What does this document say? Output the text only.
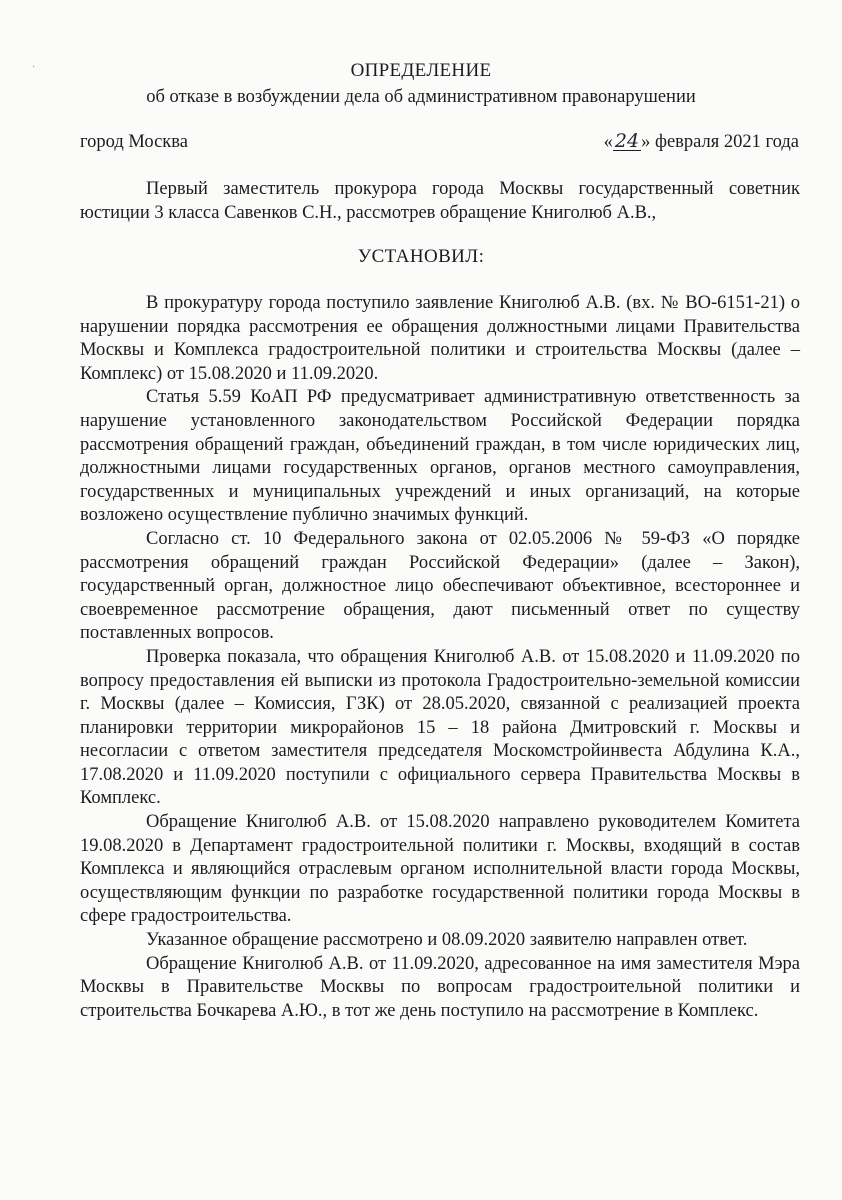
·	ОПРЕДЕЛЕНИЕ
об отказе в возбуждении дела об административном правонарушении
город Москва	« 24 » февраля 2021 года

Первый заместитель прокурора города Москвы государственный советник юстиции 3 класса Савенков С.Н., рассмотрев обращение Книголюб А.В.,

УСТАНОВИЛ:

В прокуратуру города поступило заявление Книголюб А.В. (вх. № ВО-6151-21) о нарушении порядка рассмотрения ее обращения должностными лицами Правительства Москвы и Комплекса градостроительной политики и строительства Москвы (далее – Комплекс) от 15.08.2020 и 11.09.2020.

Статья 5.59 КоАП РФ предусматривает административную ответственность за нарушение установленного законодательством Российской Федерации порядка рассмотрения обращений граждан, объединений граждан, в том числе юридических лиц, должностными лицами государственных органов, органов местного самоуправления, государственных и муниципальных учреждений и иных организаций, на которые возложено осуществление публично значимых функций.

Согласно ст. 10 Федерального закона от 02.05.2006 № 59-ФЗ «О порядке рассмотрения обращений граждан Российской Федерации» (далее – Закон), государственный орган, должностное лицо обеспечивают объективное, всестороннее и своевременное рассмотрение обращения, дают письменный ответ по существу поставленных вопросов.

Проверка показала, что обращения Книголюб А.В. от 15.08.2020 и 11.09.2020 по вопросу предоставления ей выписки из протокола Градостроительно-земельной комиссии г. Москвы (далее – Комиссия, ГЗК) от 28.05.2020, связанной с реализацией проекта планировки территории микрорайонов 15 – 18 района Дмитровский г. Москвы и несогласии с ответом заместителя председателя Москомстройинвеста Абдулина К.А., 17.08.2020 и 11.09.2020 поступили с официального сервера Правительства Москвы в Комплекс.

Обращение Книголюб А.В. от 15.08.2020 направлено руководителем Комитета 19.08.2020 в Департамент градостроительной политики г. Москвы, входящий в состав Комплекса и являющийся отраслевым органом исполнительной власти города Москвы, осуществляющим функции по разработке государственной политики города Москвы в сфере градостроительства.

Указанное обращение рассмотрено и 08.09.2020 заявителю направлен ответ.

Обращение Книголюб А.В. от 11.09.2020, адресованное на имя заместителя Мэра Москвы в Правительстве Москвы по вопросам градостроительной политики и строительства Бочкарева А.Ю., в тот же день поступило на рассмотрение в Комплекс.
